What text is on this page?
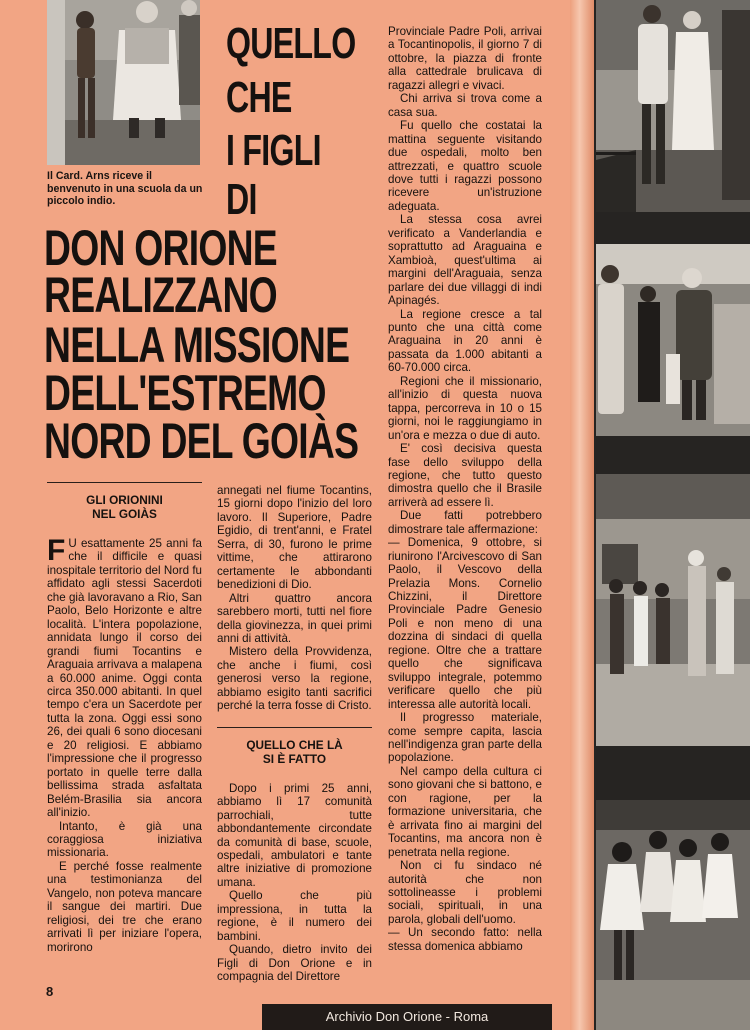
Il Card. Arns riceve il benvenuto in una scuola da un piccolo indio.

QUELLO
CHE
I FIGLI
DI
DON ORIONE
REALIZZANO
NELLA MISSIONE
DELL'ESTREMO
NORD DEL GOIÀS
GLI ORIONINI
NEL GOIÀS

F U esattamente 25 anni fa che il difficile e quasi inospitale territorio del Nord fu affidato agli stessi Sacerdoti che già lavoravano a Rio, San Paolo, Belo Horizonte e altre località. L'intera popolazione, annidata lungo il corso dei grandi fiumi Tocantins e Araguaia arrivava a malapena a 60.000 anime. Oggi conta circa 350.000 abitanti. In quel tempo c'era un Sacerdote per tutta la zona. Oggi essi sono 26, dei quali 6 sono diocesani e 20 religiosi. E abbiamo l'impressione che il progresso portato in quelle terre dalla bellissima strada asfaltata Belém-Brasilia sia ancora all'inizio.

Intanto, è già una coraggiosa iniziativa missionaria.

E perché fosse realmente una testimonianza del Vangelo, non poteva mancare il sangue dei martiri. Due religiosi, dei tre che erano arrivati lì per iniziare l'opera, morirono

annegati nel fiume Tocantins, 15 giorni dopo l'inizio del loro lavoro. Il Superiore, Padre Egidio, di trent'anni, e Fratel Serra, di 30, furono le prime vittime, che attirarono certamente le abbondanti benedizioni di Dio.

Altri quattro ancora sarebbero morti, tutti nel fiore della giovinezza, in quei primi anni di attività.

Mistero della Provvidenza, che anche i fiumi, così generosi verso la regione, abbiamo esigito tanti sacrifici perché la terra fosse di Cristo.

QUELLO CHE LÀ
SI È FATTO

Dopo i primi 25 anni, abbiamo lì 17 comunità parrochiali, tutte abbondantemente circondate da comunità di base, scuole, ospedali, ambulatori e tante altre iniziative di promozione umana.

Quello che più impressiona, in tutta la regione, è il numero dei bambini.

Quando, dietro invito dei Figli di Don Orione e in compagnia del Direttore

Provinciale Padre Poli, arrivai a Tocantinopolis, il giorno 7 di ottobre, la piazza di fronte alla cattedrale brulicava di ragazzi allegri e vivaci.

Chi arriva si trova come a casa sua.

Fu quello che costatai la mattina seguente visitando due ospedali, molto ben attrezzati, e quattro scuole dove tutti i ragazzi possono ricevere un'istruzione adeguata.

La stessa cosa avrei verificato a Vanderlandia e soprattutto ad Araguaina e Xambioà, quest'ultima ai margini dell'Araguaia, senza parlare dei due villaggi di indi Apinagés.

La regione cresce a tal punto che una città come Araguaina in 20 anni è passata da 1.000 abitanti a 60-70.000 circa.

Regioni che il missionario, all'inizio di questa nuova tappa, percorreva in 10 o 15 giorni, noi le raggiungiamo in un'ora e mezza o due di auto.

E' così decisiva questa fase dello sviluppo della regione, che tutto questo dimostra quello che il Brasile arriverà ad essere lì.

Due fatti potrebbero dimostrare tale affermazione:

— Domenica, 9 ottobre, si riunirono l'Arcivescovo di San Paolo, il Vescovo della Prelazia Mons. Cornelio Chizzini, il Direttore Provinciale Padre Genesio Poli e non meno di una dozzina di sindaci di quella regione. Oltre che a trattare quello che significava sviluppo integrale, potemmo verificare quello che più interessa alle autorità locali.

Il progresso materiale, come sempre capita, lascia nell'indigenza gran parte della popolazione.

Nel campo della cultura ci sono giovani che si battono, e con ragione, per la formazione universitaria, che è arrivata fino ai margini del Tocantins, ma ancora non è penetrata nella regione.

Non ci fu sindaco né autorità che non sottolineasse i problemi sociali, spirituali, in una parola, globali dell'uomo.

— Un secondo fatto: nella stessa domenica abbiamo

8
Archivio Don Orione - Roma
